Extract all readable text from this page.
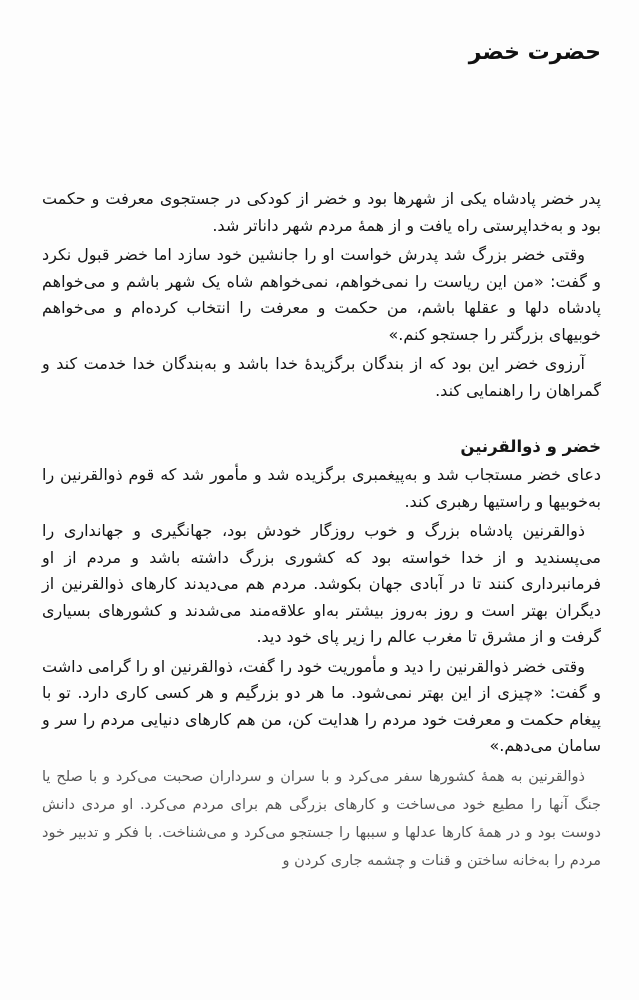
حضرت خضر

پدر خضر پادشاه یکی از شهرها بود و خضر از کودکی در جستجوی معرفت و حکمت بود و به‌خداپرستی راه یافت و از همهٔ مردم شهر داناتر شد.

وقتی خضر بزرگ شد پدرش خواست او را جانشین خود سازد اما خضر قبول نکرد و گفت: «من این ریاست را نمی‌خواهم، نمی‌خواهم شاه یک شهر باشم و می‌خواهم پادشاه دلها و عقلها باشم، من حکمت و معرفت را انتخاب کرده‌ام و می‌خواهم خوبیهای بزرگتر را جستجو کنم.»

آرزوی خضر این بود که از بندگان برگزیدهٔ خدا باشد و به‌بندگان خدا خدمت کند و گمراهان را راهنمایی کند.

خضر و ذوالقرنین

دعای خضر مستجاب شد و به‌پیغمبری برگزیده شد و مأمور شد که قوم ذوالقرنین را به‌خوبیها و راستیها رهبری کند.

ذوالقرنین پادشاه بزرگ و خوب روزگار خودش بود، جهانگیری و جهانداری را می‌پسندید و از خدا خواسته بود که کشوری بزرگ داشته باشد و مردم از او فرمانبرداری کنند تا در آبادی جهان بکوشد. مردم هم می‌دیدند کارهای ذوالقرنین از دیگران بهتر است و روز به‌روز بیشتر به‌او علاقه‌مند می‌شدند و کشورهای بسیاری گرفت و از مشرق تا مغرب عالم را زیر پای خود دید.

وقتی خضر ذوالقرنین را دید و مأموریت خود را گفت، ذوالقرنین او را گرامی داشت و گفت: «چیزی از این بهتر نمی‌شود. ما هر دو بزرگیم و هر کسی کاری دارد. تو با پیغام حکمت و معرفت خود مردم را هدایت کن، من هم کارهای دنیایی مردم را سر و سامان می‌دهم.»

ذوالقرنین به همهٔ کشورها سفر می‌کرد و با سران و سرداران صحبت می‌کرد و با صلح یا جنگ آنها را مطیع خود می‌ساخت و کارهای بزرگی هم برای مردم می‌کرد. او مردی دانش دوست بود و در همهٔ کارها عدلها و سببها را جستجو می‌کرد و می‌شناخت. با فکر و تدبیر خود مردم را به‌خانه ساختن و قنات و چشمه جاری کردن و
